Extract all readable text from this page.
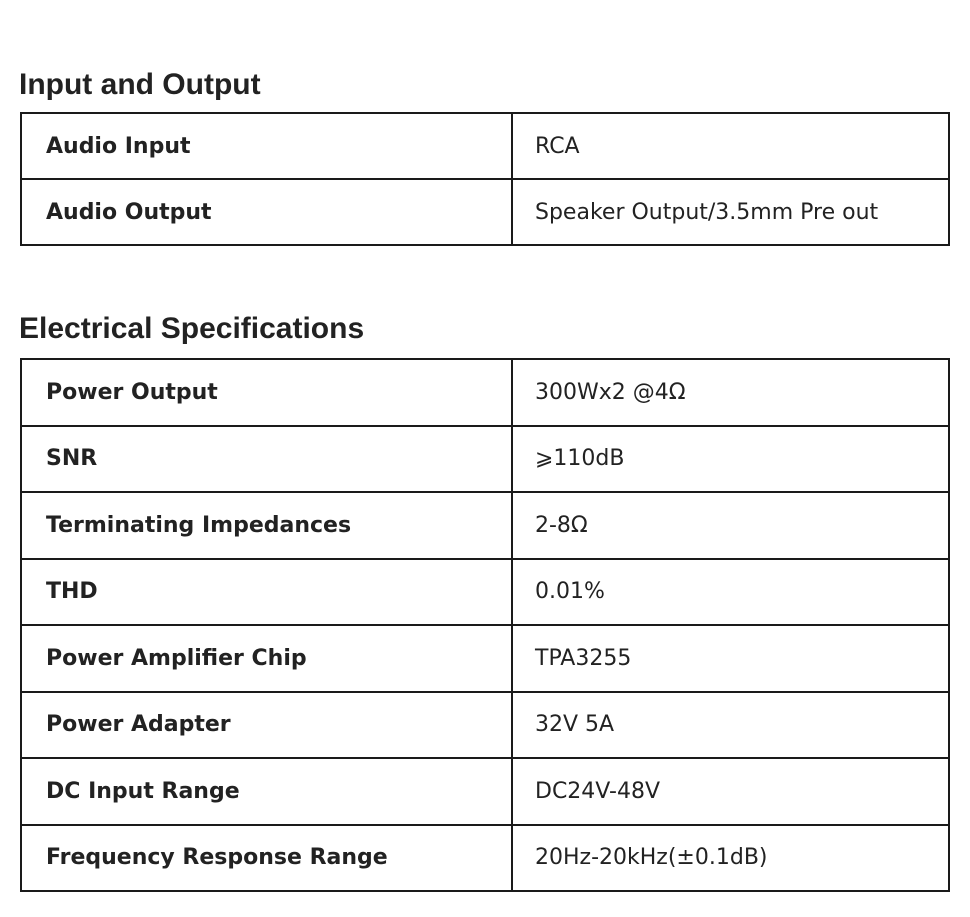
Input and Output
Audio Input	RCA
Audio Output	Speaker Output/3.5mm Pre out
Electrical Specifications
Power Output	300Wx2 @4Ω
SNR	⩾110dB
Terminating Impedances	2-8Ω
THD	0.01%
Power Amplifier Chip	TPA3255
Power Adapter	32V 5A
DC Input Range	DC24V-48V
Frequency Response Range	20Hz-20kHz(±0.1dB)
